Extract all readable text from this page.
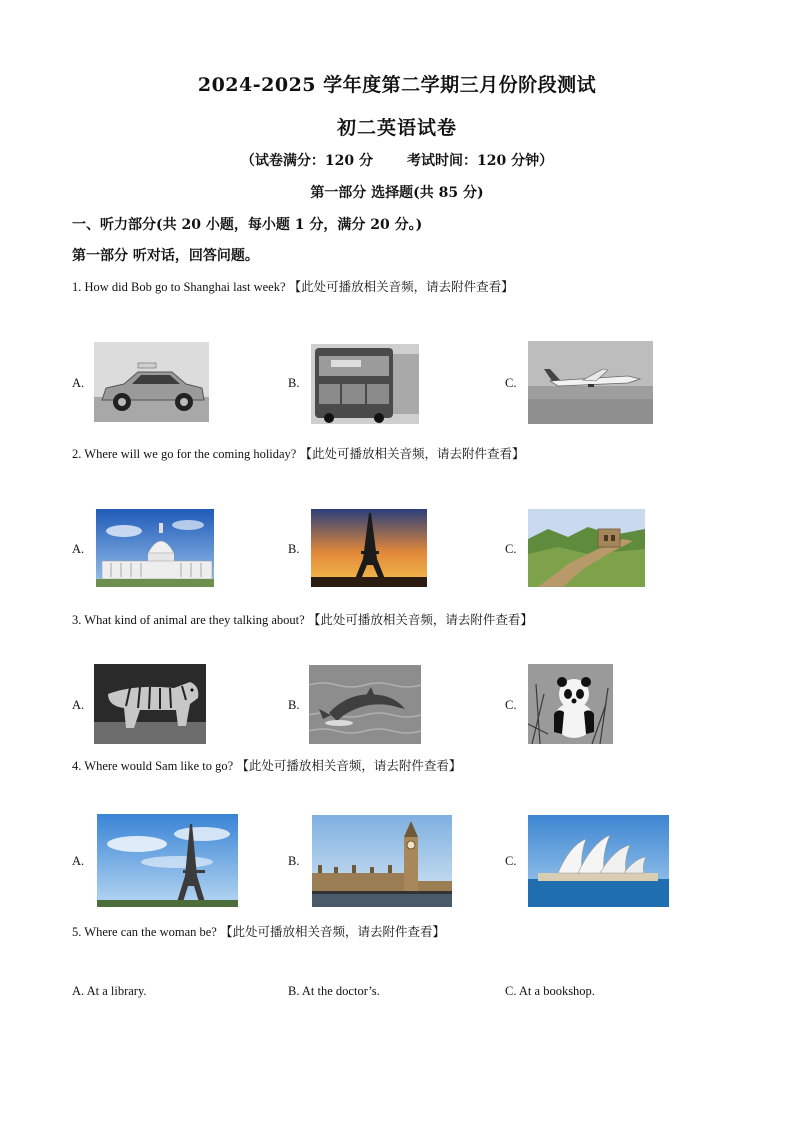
2024-2025 学年度第二学期三月份阶段测试
初二英语试卷
（试卷满分：120 分 考试时间：120 分钟）
第一部分 选择题(共 85 分)
一、听力部分(共 20 小题，每小题 1 分，满分 20 分。)
第一部分 听对话，回答问题。
1. How did Bob go to Shanghai last week? 【此处可播放相关音频，请去附件查看】
A.	B.	C.
2. Where will we go for the coming holiday? 【此处可播放相关音频，请去附件查看】
A.	B.	C.
3. What kind of animal are they talking about? 【此处可播放相关音频，请去附件查看】
A.	B.	C.
4. Where would Sam like to go? 【此处可播放相关音频，请去附件查看】
A.	B.	C.
5. Where can the woman be? 【此处可播放相关音频，请去附件查看】
A. At a library.	B. At the doctor’s.	C. At a bookshop.
